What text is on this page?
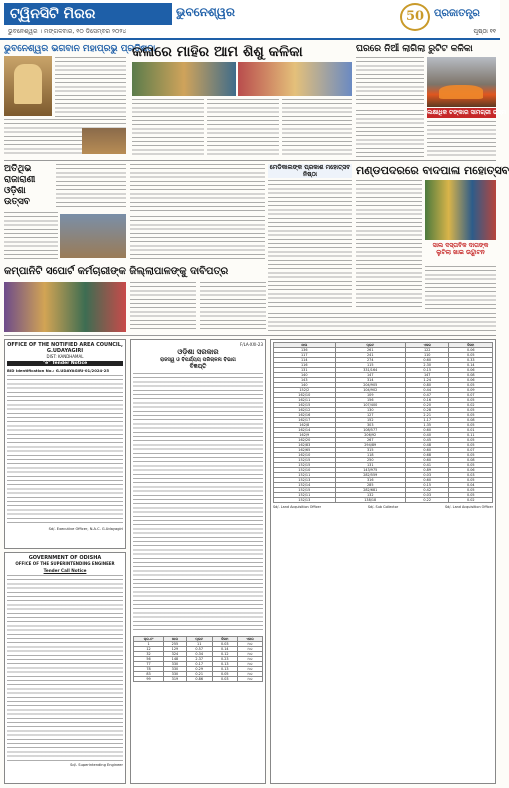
ଟ୍ୱିନସିଟି ମିରର	ଭୁବନେଶ୍ୱର
ଭୁବନେଶ୍ୱର । ମଙ୍ଗଳବାର, ୧୦ ଡିସେମ୍ବର ୨୦୨୪
50 ପ୍ରଜାତନ୍ତ୍ର
ପୃଷ୍ଠା ୧୧
ଭୁବନେଶ୍ୱର ଭଗବାନ ମହାପ୍ରଭୁ ପ୍ରତିଷ୍ଠା
କଳାରେ ମାହିର ଆମ ଶିଶୁ କଳିକା	ଘରରେ ନିଆଁ ଲାଗିଲା ରୁଟିଟ କଳିକା
ଲକ୍ଷାଧିକ ଟଙ୍କାର ସାମଗ୍ରୀ ଭସ୍ମ
ଅତିଥିଭ ରାଜାରାଣୀ ଓଡ଼ିଶା ଉତ୍ସବ
ମେଡିକାଲଙ୍କ ପ୍ରକାଶ ମହୋତ୍ସବ ନିଷ୍ଠା	ମଣ୍ଡପଦରରେ ବାଦପାଳା ମହୋତ୍ସବ
ସାଲ ଦସ୍ତାବିକ ଦାତାଙ୍କ ଲୁଟିଲା ଖାଇ ଉଦ୍ଘାଟନ
କମ୍ପାନିଟି ସପୋର୍ଟ କର୍ମଚାରୀଙ୍କ ଜିଲ୍ଲାପାଳଙ୍କୁ ଦାବିପତ୍ର
OFFICE OF THE NOTIFIED AREA COUNCIL, G.UDAYAGIRI
DIST: KANDHAMAL
"e" Tender Notice
BID Identification No.: G.UDAYAGIRI-01/2024-25
Sd/- Executive Officer, N.A.C. G.Udayagiri
GOVERNMENT OF ODISHA
OFFICE OF THE SUPERINTENDING ENGINEER
Tender Call Notice
Sd/- Superintending Engineer
F/LA-XXI-23
ଓଡ଼ିଶା ସରକାର
ରାଜସ୍ୱ ଓ ବିପର୍ଯ୍ୟୟ ପରିଚାଳନା ବିଭାଗ
ବିଜ୍ଞପ୍ତି
କ୍ର.ନଂ	ଖାତା	ପ୍ଲଟ	କିସମ	ଏକର
1	255	11	0.03	ଅଳ
12	129	0.57	0.14	ଅଳ
32	324	0.34	0.12	ଅଳ
56	148	2.37	0.23	ଅଳ
77	330	0.17	0.13	ଅଳ
78	330	0.29	0.13	ଅଳ
83	330	0.21	0.05	ଅଳ
99	319	0.86	0.03	ଅଳ
ଖାତା	ପ୍ଲଟ	ଏକର	କିସମ
136	261	122	0.06
117	241	110	0.05
114	274	0.60	0.33
116	115	2.30	0.14
131	331/164	0.15	0.06
140	147	147	0.08
143	314	1.24	0.06
140	204/905	0.80	0.05
152/2	104/902	0.44	0.09
162/10	109	0.47	0.07
162/11	156	0.16	0.05
162/15	107/400	0.20	0.02
162/12	130	0.28	0.05
162/16	127	2.21	0.05
162/17	152	1.17	0.08
162/8	303	1.35	0.05
162/14	108/577	0.60	0.01
162/9	206/92	0.40	0.11
162/20	267	0.45	0.05
162/83	294/89	0.48	0.05
162/65	315	0.60	0.07
162/10	118	0.68	0.05
152/15	250	0.60	0.08
152/15	131	0.41	0.05
152/10	143/975	0.89	0.06
152/11	282/559	0.03	0.03
152/13	316	0.60	0.05
152/14	285	0.15	0.04
152/15	282/681	0.42	0.05
152/11	132	0.03	0.05
152/13	138/18	0.22	0.02
Sd/- Land Acquisition Officer	Sd/- Sub Collector	Sd/- Land Acquisition Officer
